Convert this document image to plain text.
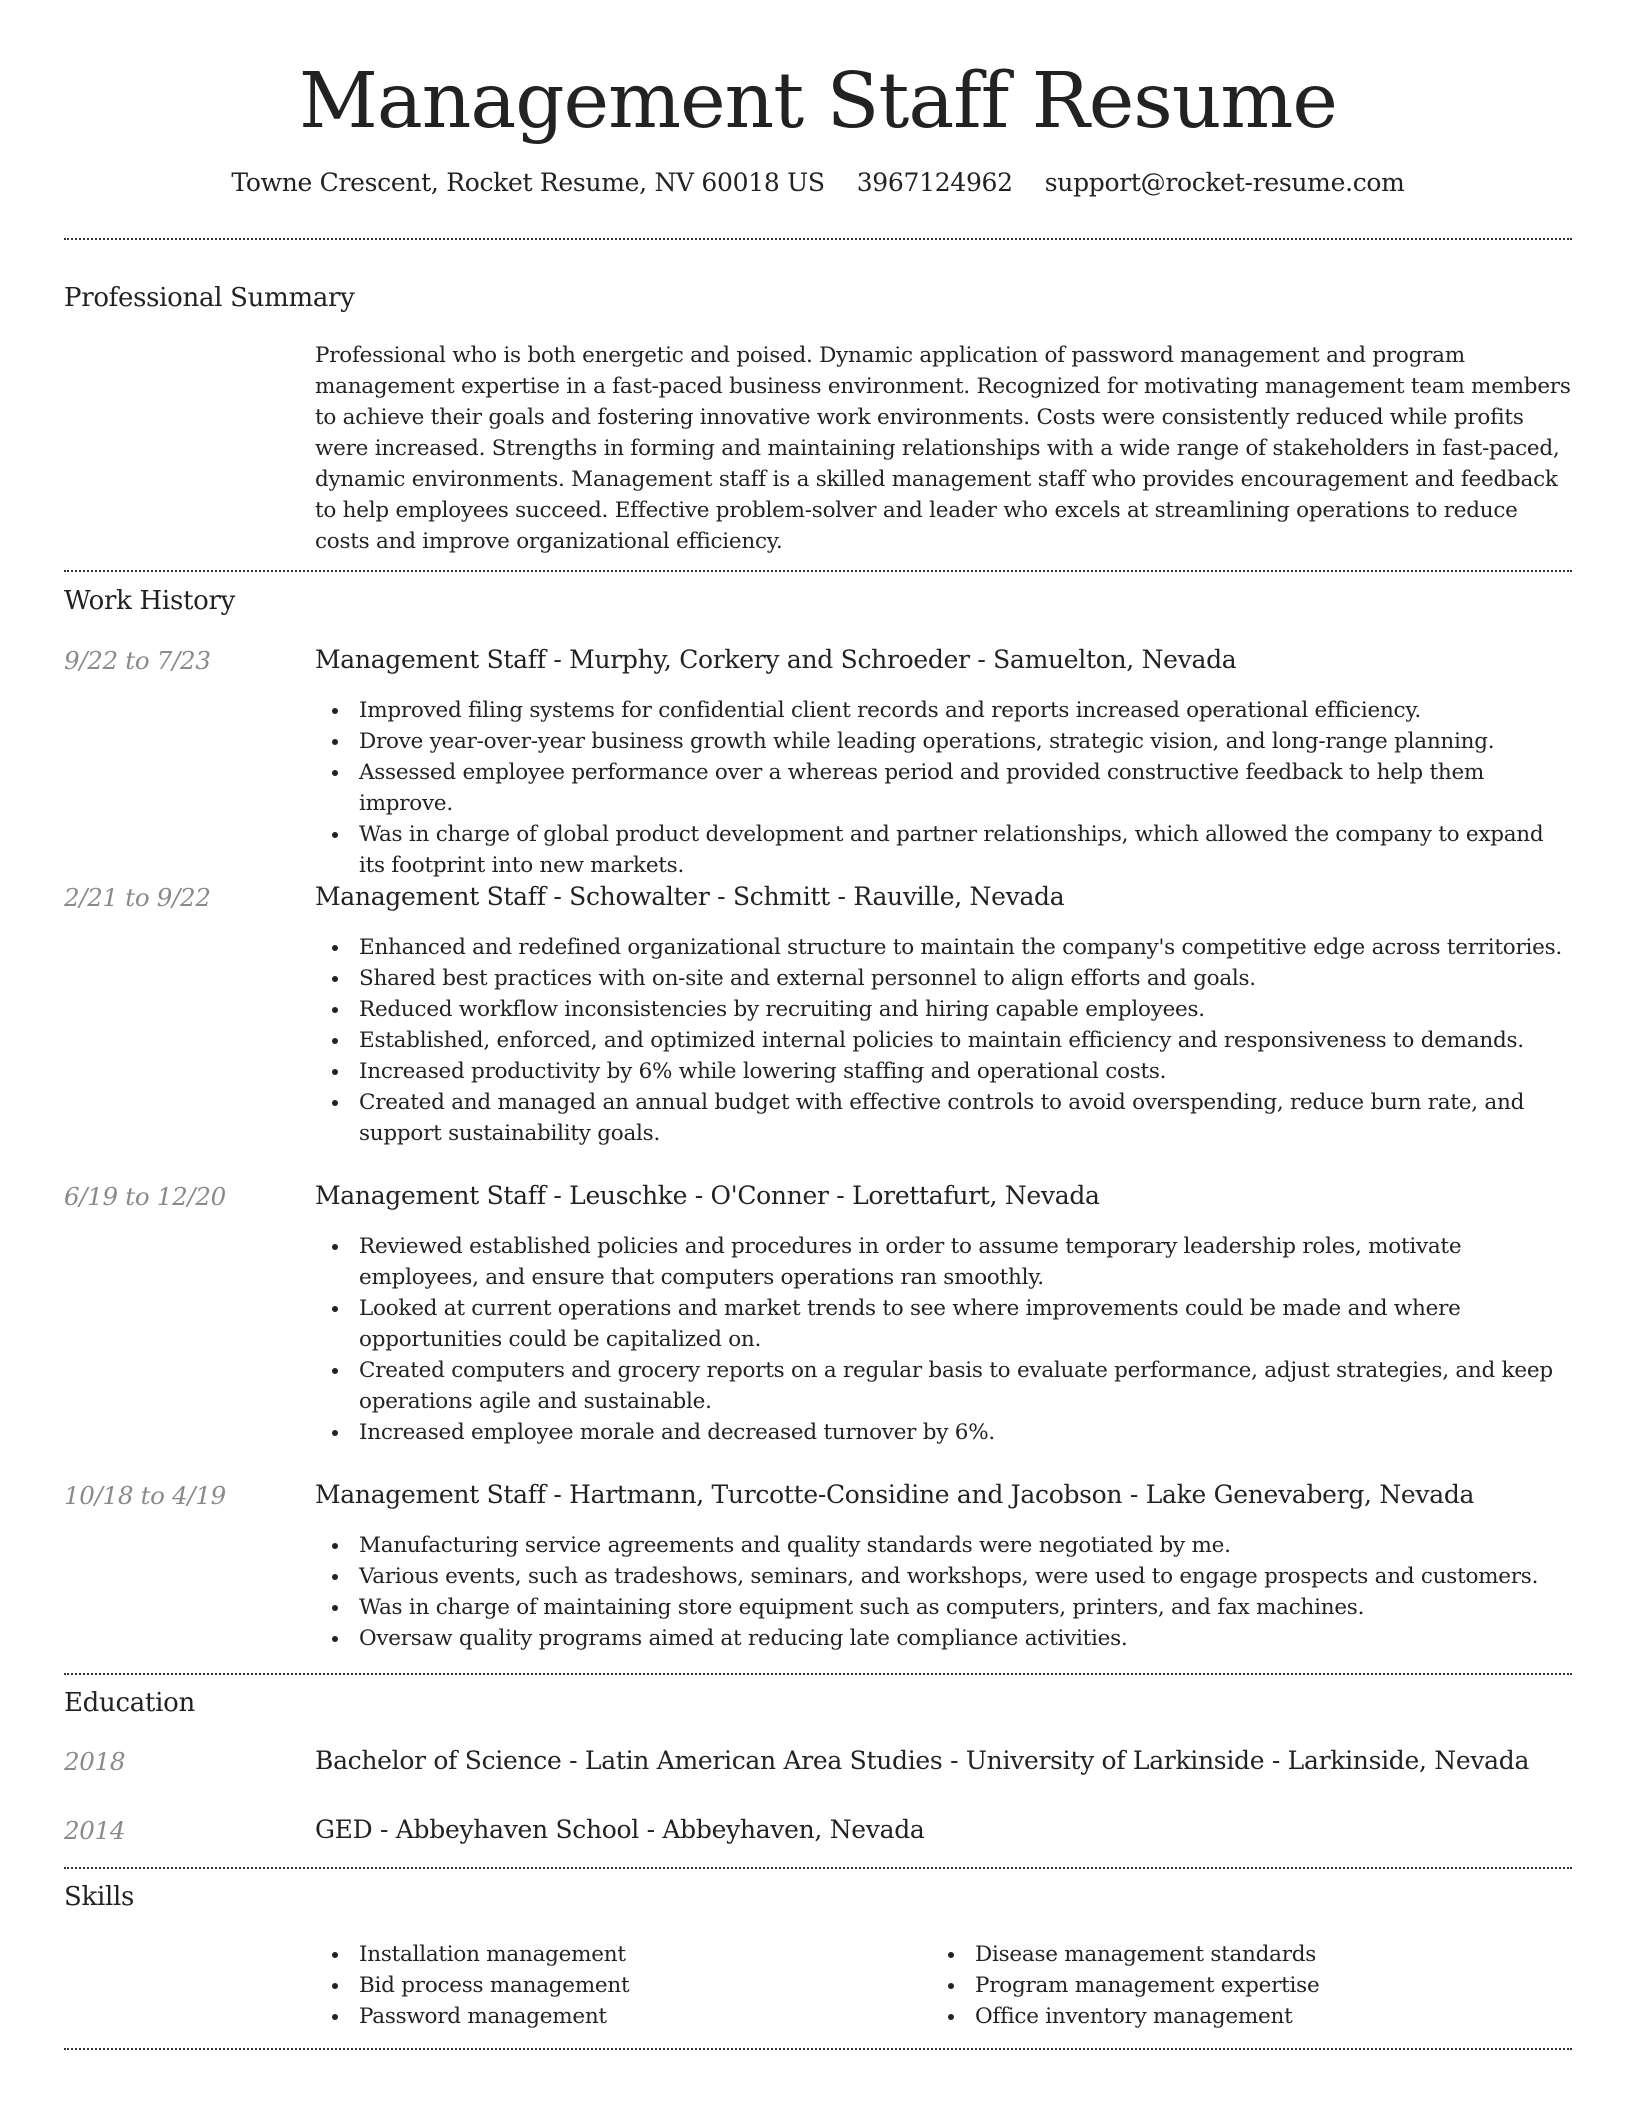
Management Staff Resume
Towne Crescent, Rocket Resume, NV 60018 US 3967124962 support@rocket-resume.com
Professional Summary

Professional who is both energetic and poised. Dynamic application of password management and program management expertise in a fast-paced business environment. Recognized for motivating management team members to achieve their goals and fostering innovative work environments. Costs were consistently reduced while profits were increased. Strengths in forming and maintaining relationships with a wide range of stakeholders in fast-paced, dynamic environments. Management staff is a skilled management staff who provides encouragement and feedback to help employees succeed. Effective problem-solver and leader who excels at streamlining operations to reduce costs and improve organizational efficiency.

Work History
9/22 to 7/23	Management Staff - Murphy, Corkery and Schroeder - Samuelton, Nevada
Improved filing systems for confidential client records and reports increased operational efficiency.
Drove year-over-year business growth while leading operations, strategic vision, and long-range planning.
Assessed employee performance over a whereas period and provided constructive feedback to help them improve.
Was in charge of global product development and partner relationships, which allowed the company to expand its footprint into new markets.
2/21 to 9/22	Management Staff - Schowalter - Schmitt - Rauville, Nevada
Enhanced and redefined organizational structure to maintain the company's competitive edge across territories.
Shared best practices with on-site and external personnel to align efforts and goals.
Reduced workflow inconsistencies by recruiting and hiring capable employees.
Established, enforced, and optimized internal policies to maintain efficiency and responsiveness to demands.
Increased productivity by 6% while lowering staffing and operational costs.
Created and managed an annual budget with effective controls to avoid overspending, reduce burn rate, and support sustainability goals.
6/19 to 12/20	Management Staff - Leuschke - O'Conner - Lorettafurt, Nevada
Reviewed established policies and procedures in order to assume temporary leadership roles, motivate employees, and ensure that computers operations ran smoothly.
Looked at current operations and market trends to see where improvements could be made and where opportunities could be capitalized on.
Created computers and grocery reports on a regular basis to evaluate performance, adjust strategies, and keep operations agile and sustainable.
Increased employee morale and decreased turnover by 6%.
10/18 to 4/19	Management Staff - Hartmann, Turcotte-Considine and Jacobson - Lake Genevaberg, Nevada
Manufacturing service agreements and quality standards were negotiated by me.
Various events, such as tradeshows, seminars, and workshops, were used to engage prospects and customers.
Was in charge of maintaining store equipment such as computers, printers, and fax machines.
Oversaw quality programs aimed at reducing late compliance activities.
Education
2018	Bachelor of Science - Latin American Area Studies - University of Larkinside - Larkinside, Nevada
2014	GED - Abbeyhaven School - Abbeyhaven, Nevada
Skills
Installation management
Bid process management
Password management
Disease management standards
Program management expertise
Office inventory management
